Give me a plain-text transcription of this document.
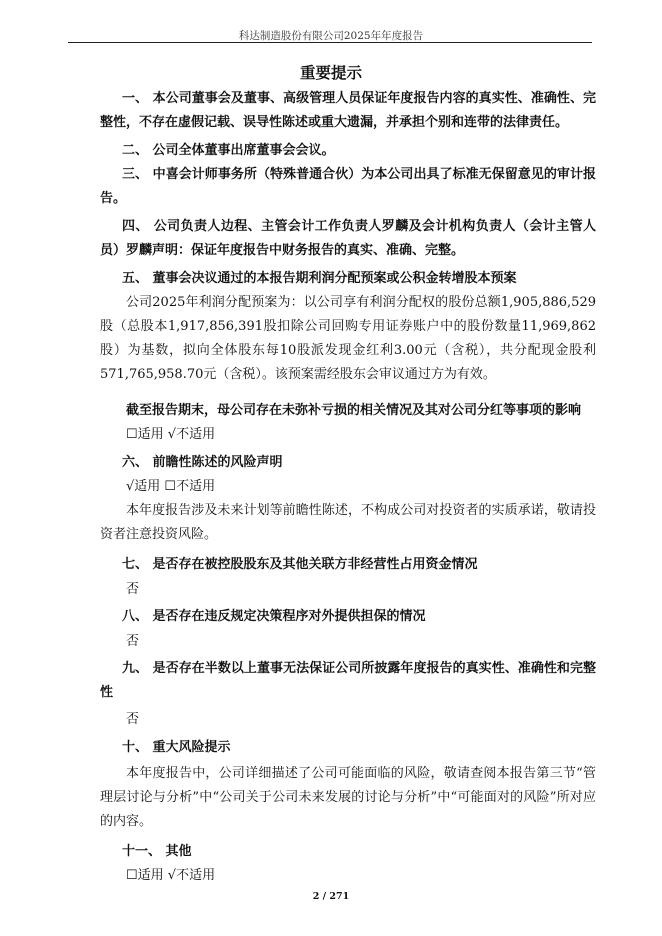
科达制造股份有限公司2025年年度报告
重要提示
一、 本公司董事会及董事、高级管理人员保证年度报告内容的真实性、准确性、完整性，不存在虚假记载、误导性陈述或重大遗漏，并承担个别和连带的法律责任。
二、 公司全体董事出席董事会会议。
三、 中喜会计师事务所（特殊普通合伙）为本公司出具了标准无保留意见的审计报告。
四、 公司负责人边程、主管会计工作负责人罗麟及会计机构负责人（会计主管人员）罗麟声明：保证年度报告中财务报告的真实、准确、完整。
五、 董事会决议通过的本报告期利润分配预案或公积金转增股本预案
公司2025年利润分配预案为：以公司享有利润分配权的股份总额1,905,886,529股（总股本1,917,856,391股扣除公司回购专用证券账户中的股份数量11,969,862股）为基数，拟向全体股东每10股派发现金红利3.00元（含税），共分配现金股利571,765,958.70元（含税）。该预案需经股东会审议通过方为有效。
截至报告期末，母公司存在未弥补亏损的相关情况及其对公司分红等事项的影响
☐适用 √不适用
六、 前瞻性陈述的风险声明
√适用 ☐不适用
本年度报告涉及未来计划等前瞻性陈述，不构成公司对投资者的实质承诺，敬请投资者注意投资风险。
七、 是否存在被控股股东及其他关联方非经营性占用资金情况
否
八、 是否存在违反规定决策程序对外提供担保的情况
否
九、 是否存在半数以上董事无法保证公司所披露年度报告的真实性、准确性和完整性
否
十、 重大风险提示
本年度报告中，公司详细描述了公司可能面临的风险，敬请查阅本报告第三节“管理层讨论与分析”中“公司关于公司未来发展的讨论与分析”中“可能面对的风险”所对应的内容。
十一、 其他
☐适用 √不适用
2 / 271
